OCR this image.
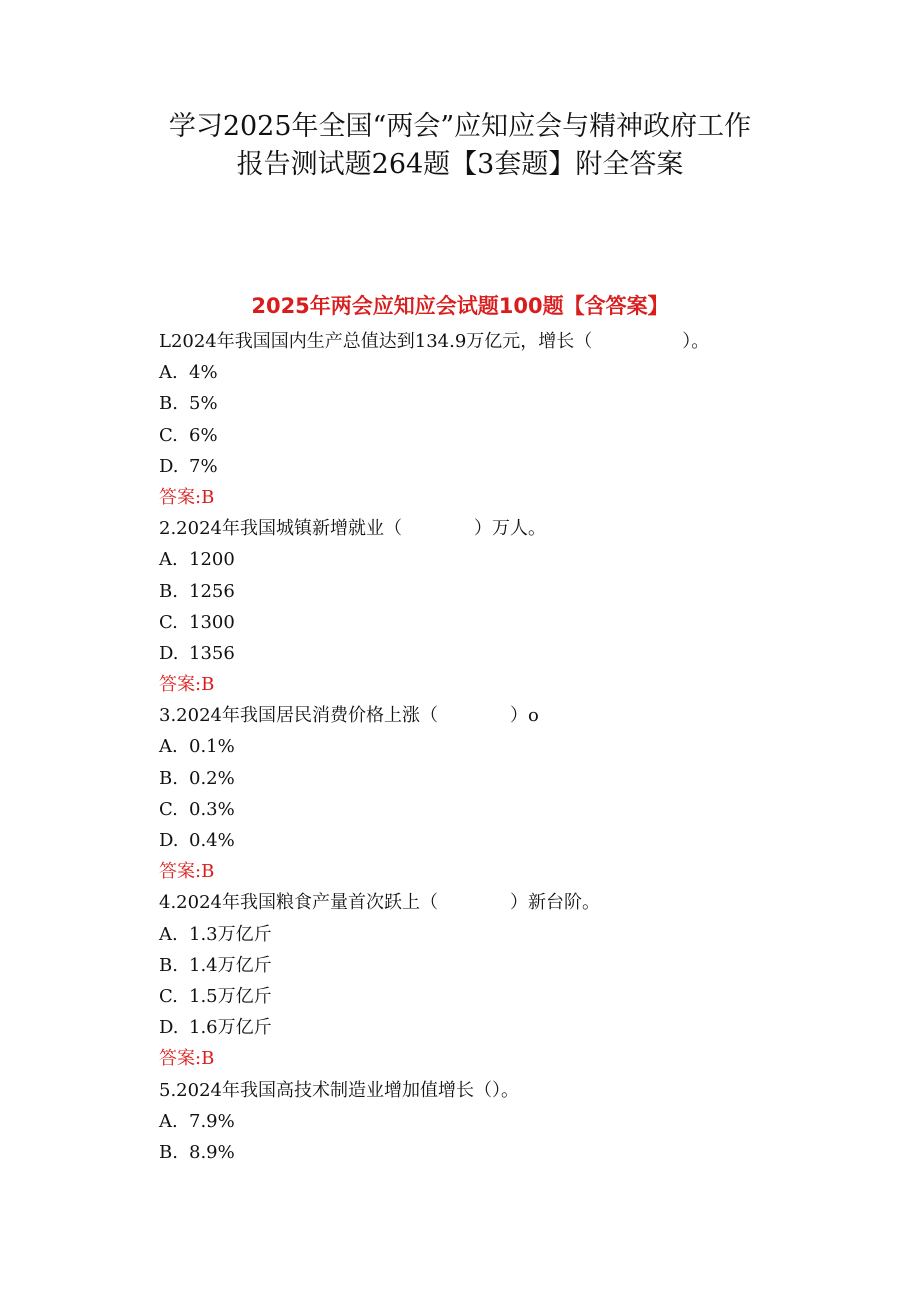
学习2025年全国“两会”应知应会与精神政府工作
报告测试题264题【3套题】附全答案
2025年两会应知应会试题100题【含答案】
L2024年我国国内生产总值达到134.9万亿元，增长（　　　　　）。
A. 4%
B. 5%
C. 6%
D. 7%
答案:B
2.2024年我国城镇新增就业（　　　　）万人。
A. 1200
B. 1256
C. 1300
D. 1356
答案:B
3.2024年我国居民消费价格上涨（　　　　）o
A. 0.1%
B. 0.2%
C. 0.3%
D. 0.4%
答案:B
4.2024年我国粮食产量首次跃上（　　　　）新台阶。
A. 1.3万亿斤
B. 1.4万亿斤
C. 1.5万亿斤
D. 1.6万亿斤
答案:B
5.2024年我国高技术制造业增加值增长（）。
A. 7.9%
B. 8.9%
